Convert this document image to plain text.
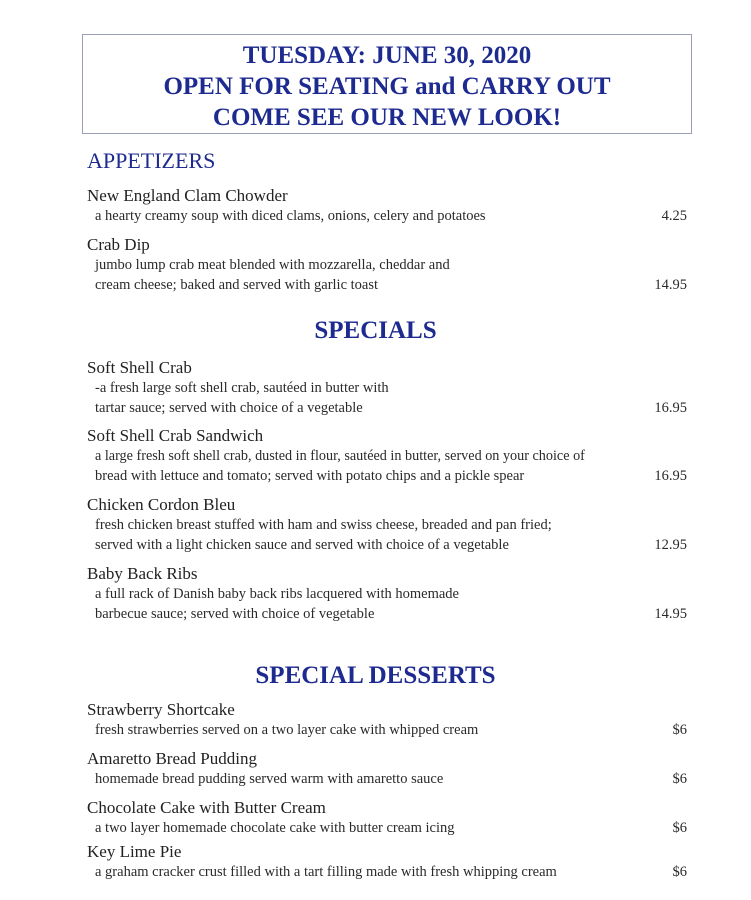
TUESDAY: JUNE 30, 2020
OPEN FOR SEATING and CARRY OUT
COME SEE OUR NEW LOOK!
APPETIZERS
New England Clam Chowder
a hearty creamy soup with diced clams, onions, celery and potatoes	4.25
Crab Dip
jumbo lump crab meat blended with mozzarella, cheddar and
cream cheese; baked and served with garlic toast	14.95
SPECIALS
Soft Shell Crab
-a fresh large soft shell crab, sautéed in butter with
tartar sauce; served with choice of a vegetable	16.95
Soft Shell Crab Sandwich
a large fresh soft shell crab, dusted in flour, sautéed in butter, served on your choice of
bread with lettuce and tomato; served with potato chips and a pickle spear	16.95
Chicken Cordon Bleu
fresh chicken breast stuffed with ham and swiss cheese, breaded and pan fried;
served with a light chicken sauce and served with choice of a vegetable	12.95
Baby Back Ribs
a full rack of Danish baby back ribs lacquered with homemade
barbecue sauce; served with choice of vegetable	14.95
SPECIAL DESSERTS
Strawberry Shortcake
fresh strawberries served on a two layer cake with whipped cream	$6
Amaretto Bread Pudding
homemade bread pudding served warm with amaretto sauce	$6
Chocolate Cake with Butter Cream
a two layer homemade chocolate cake with butter cream icing	$6
Key Lime Pie
a graham cracker crust filled with a tart filling made with fresh whipping cream	$6
